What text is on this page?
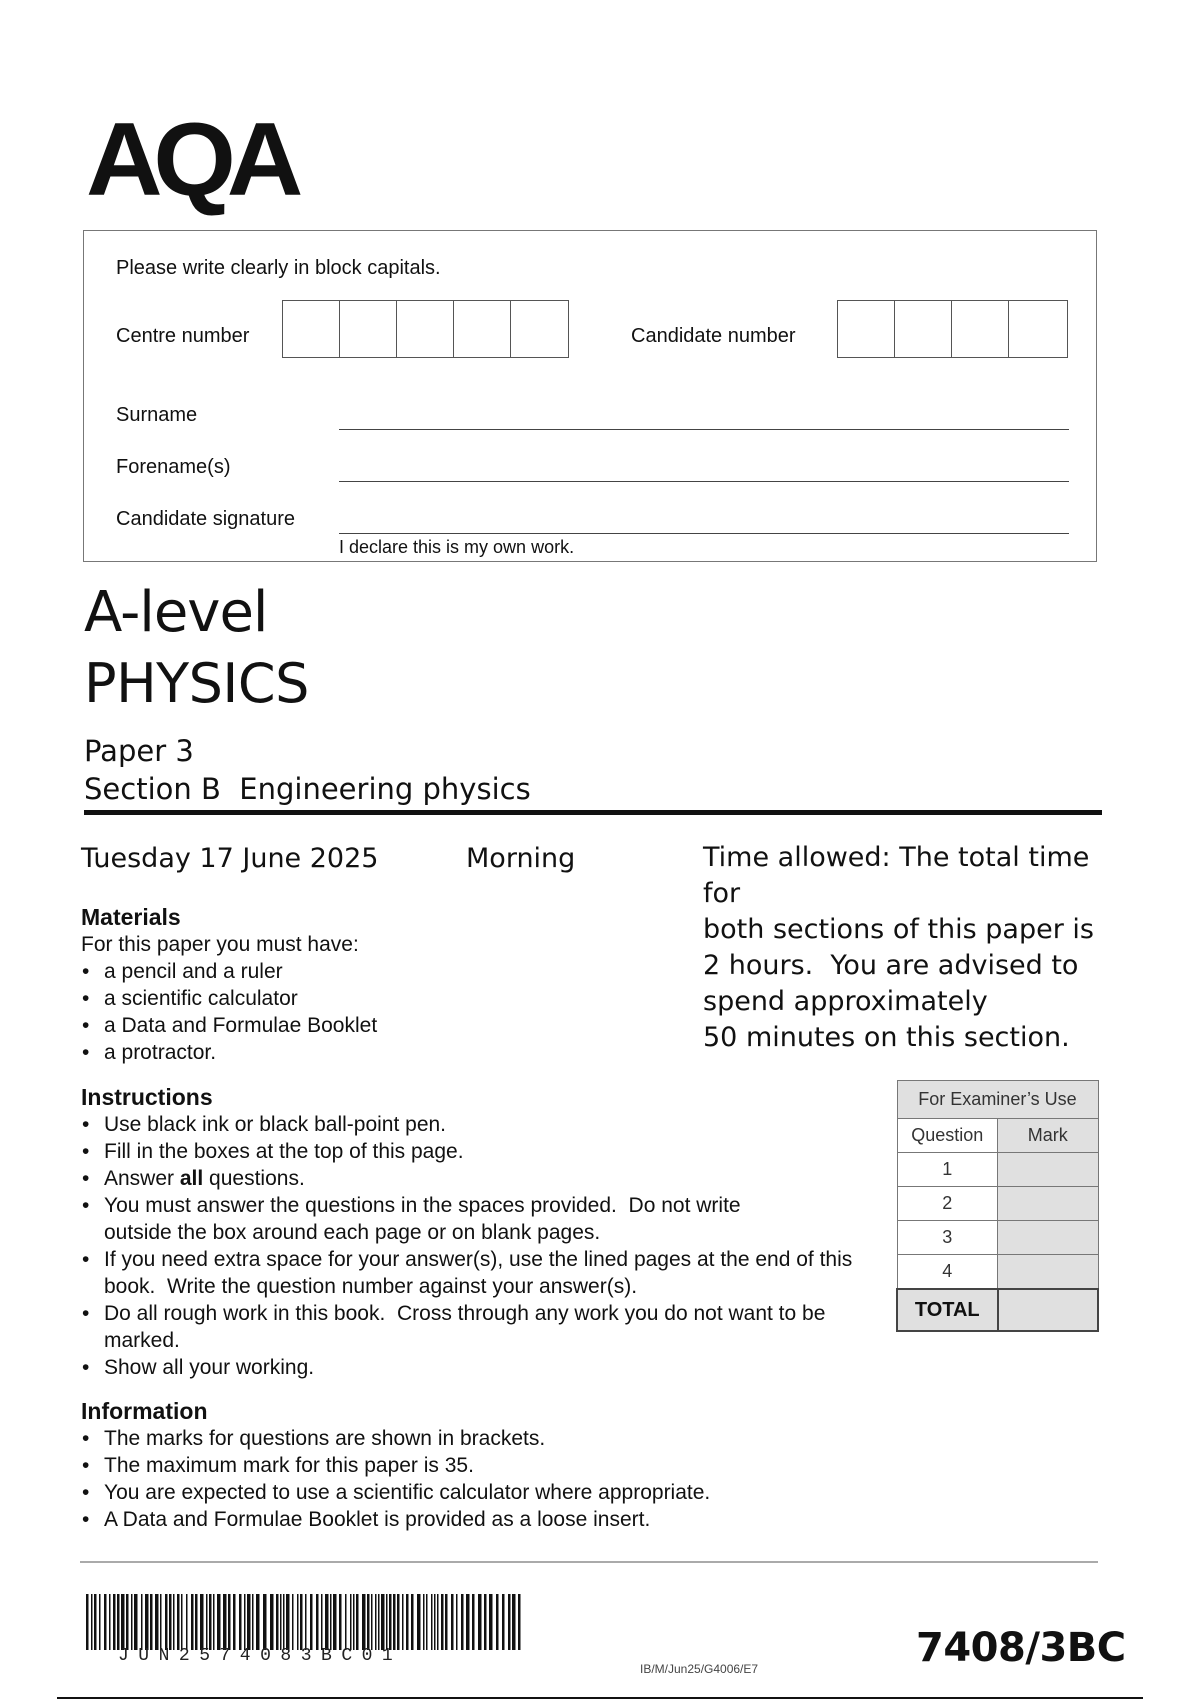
AQA
Please write clearly in block capitals.
Centre number	Candidate number
Surname
Forename(s)
Candidate signature
I declare this is my own work.
A-level
PHYSICS
Paper 3
Section B  Engineering physics
Tuesday 17 June 2025	Morning	Time allowed: The total time for
both sections of this paper is
2 hours.  You are advised to
spend approximately
50 minutes on this section.
Materials
For this paper you must have:
• a pencil and a ruler
• a scientific calculator
• a Data and Formulae Booklet
• a protractor.
Instructions
• Use black ink or black ball-point pen.
• Fill in the boxes at the top of this page.
• Answer all questions.
• You must answer the questions in the spaces provided.  Do not write outside the box around each page or on blank pages.
• If you need extra space for your answer(s), use the lined pages at the end of this book.  Write the question number against your answer(s).
• Do all rough work in this book.  Cross through any work you do not want to be marked.
• Show all your working.
Information
• The marks for questions are shown in brackets.
• The maximum mark for this paper is 35.
• You are expected to use a scientific calculator where appropriate.
• A Data and Formulae Booklet is provided as a loose insert.
For Examiner’s Use	
Question	Mark
1	
2	
3	
4	
TOTAL	
JUN2574083BC01
IB/M/Jun25/G4006/E7	7408/3BC
